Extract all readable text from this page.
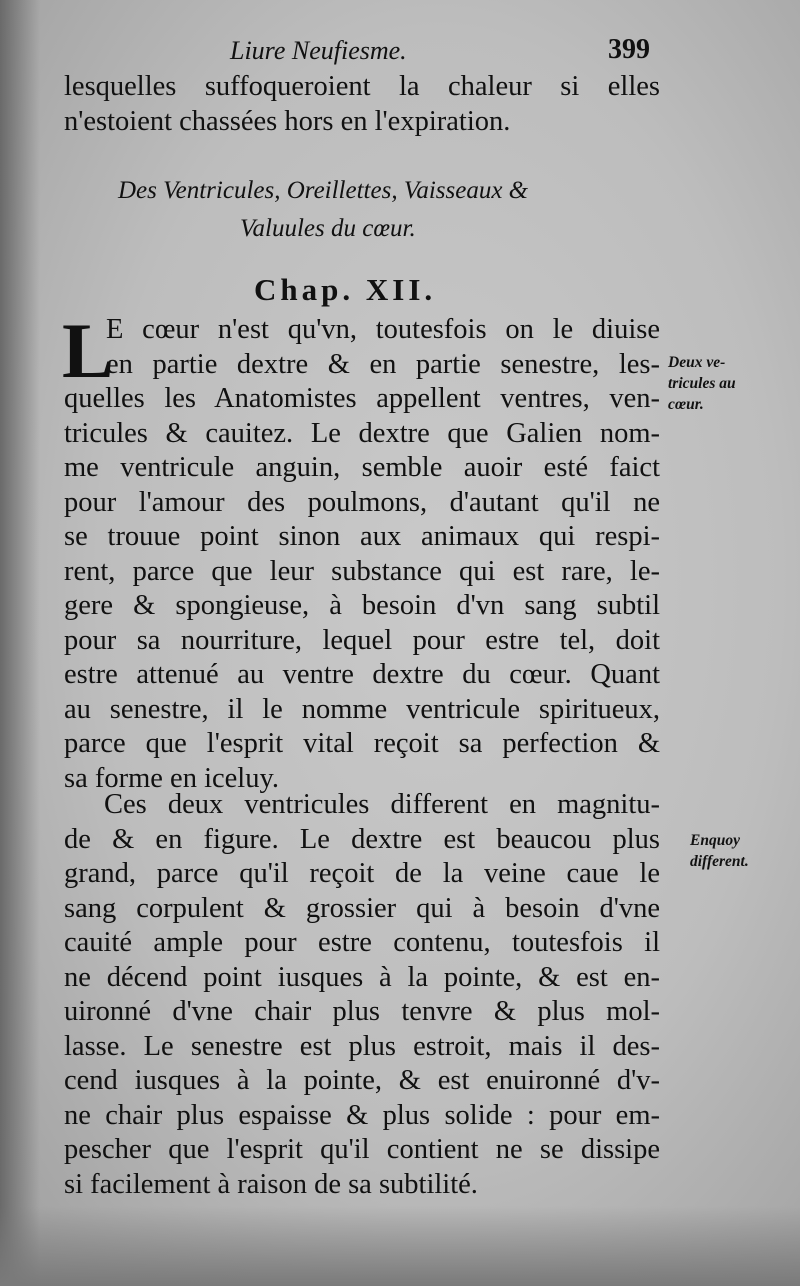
Liure Neufiesme.	399
lesquelles suffoqueroient la chaleur si elles
n'estoient chassées hors en l'expiration.
Des Ventricules, Oreillettes, Vaisseaux &
Valuules du cœur.
Chap. XII.
L
E cœur n'est qu'vn, toutesfois on le diuise
en partie dextre & en partie senestre, les-
quelles les Anatomistes appellent ventres, ven-
tricules & cauitez. Le dextre que Galien nom-
me ventricule anguin, semble auoir esté faict
pour l'amour des poulmons, d'autant qu'il ne
se trouue point sinon aux animaux qui respi-
rent, parce que leur substance qui est rare, le-
gere & spongieuse, à besoin d'vn sang subtil
pour sa nourriture, lequel pour estre tel, doit
estre attenué au ventre dextre du cœur. Quant
au senestre, il le nomme ventricule spiritueux,
parce que l'esprit vital reçoit sa perfection &
sa forme en iceluy.
Ces deux ventricules different en magnitu-
de & en figure. Le dextre est beaucou plus
grand, parce qu'il reçoit de la veine caue le
sang corpulent & grossier qui à besoin d'vne
cauité ample pour estre contenu, toutesfois il
ne décend point iusques à la pointe, & est en-
uironné d'vne chair plus tenvre & plus mol-
lasse. Le senestre est plus estroit, mais il des-
cend iusques à la pointe, & est enuironné d'v-
ne chair plus espaisse & plus solide : pour em-
pescher que l'esprit qu'il contient ne se dissipe
si facilement à raison de sa subtilité.
Deux ve-
tricules au
cœur.
Enquoy
different.
